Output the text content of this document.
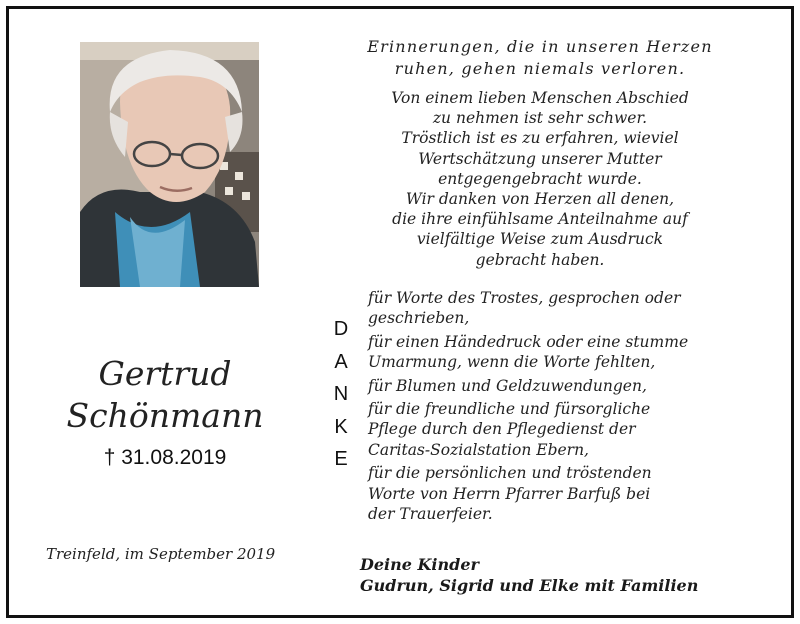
Gertrud
Schönmann
† 31.08.2019
Treinfeld, im September 2019
Erinnerungen, die in unseren Herzen
ruhen, gehen niemals verloren.
Von einem lieben Menschen Abschied
zu nehmen ist sehr schwer.
Tröstlich ist es zu erfahren, wieviel
Wertschätzung unserer Mutter
entgegengebracht wurde.
Wir danken von Herzen all denen,
die ihre einfühlsame Anteilnahme auf
vielfältige Weise zum Ausdruck
gebracht haben.
D
A
N
K
E
für Worte des Trostes, gesprochen oder
geschrieben,
für einen Händedruck oder eine stumme
Umarmung, wenn die Worte fehlten,
für Blumen und Geldzuwendungen,
für die freundliche und fürsorgliche
Pflege durch den Pflegedienst der
Caritas-Sozialstation Ebern,
für die persönlichen und tröstenden
Worte von Herrn Pfarrer Barfuß bei
der Trauerfeier.
Deine Kinder
Gudrun, Sigrid und Elke mit Familien
